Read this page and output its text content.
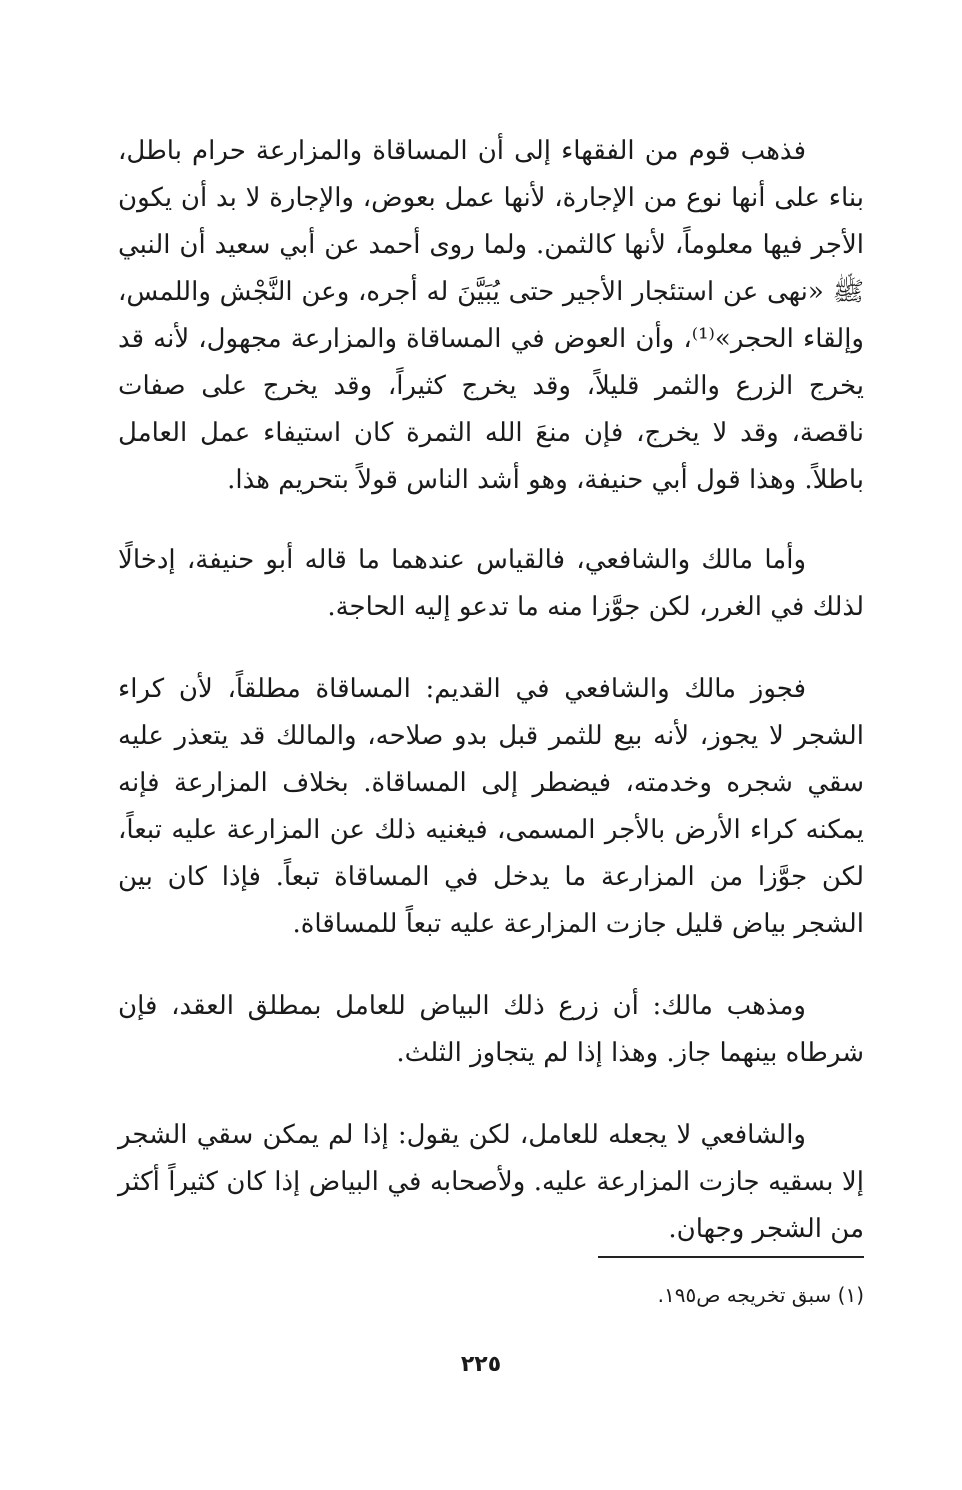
فذهب قوم من الفقهاء إلى أن المساقاة والمزارعة حرام باطل، بناء على أنها نوع من الإجارة، لأنها عمل بعوض، والإجارة لا بد أن يكون الأجر فيها معلوماً، لأنها كالثمن. ولما روى أحمد عن أبي سعيد أن النبي ﷺ «نهى عن استئجار الأجير حتى يُبَيَّنَ له أجره، وعن النَّجْش واللمس، وإلقاء الحجر»⁽¹⁾، وأن العوض في المساقاة والمزارعة مجهول، لأنه قد يخرج الزرع والثمر قليلاً، وقد يخرج كثيراً، وقد يخرج على صفات ناقصة، وقد لا يخرج، فإن منعَ الله الثمرة كان استيفاء عمل العامل باطلاً. وهذا قول أبي حنيفة، وهو أشد الناس قولاً بتحريم هذا.

وأما مالك والشافعي، فالقياس عندهما ما قاله أبو حنيفة، إدخالًا لذلك في الغرر، لكن جوَّزا منه ما تدعو إليه الحاجة.

فجوز مالك والشافعي في القديم: المساقاة مطلقاً، لأن كراء الشجر لا يجوز، لأنه بيع للثمر قبل بدو صلاحه، والمالك قد يتعذر عليه سقي شجره وخدمته، فيضطر إلى المساقاة. بخلاف المزارعة فإنه يمكنه كراء الأرض بالأجر المسمى، فيغنيه ذلك عن المزارعة عليه تبعاً، لكن جوَّزا من المزارعة ما يدخل في المساقاة تبعاً. فإذا كان بين الشجر بياض قليل جازت المزارعة عليه تبعاً للمساقاة.

ومذهب مالك: أن زرع ذلك البياض للعامل بمطلق العقد، فإن شرطاه بينهما جاز. وهذا إذا لم يتجاوز الثلث.

والشافعي لا يجعله للعامل، لكن يقول: إذا لم يمكن سقي الشجر إلا بسقيه جازت المزارعة عليه. ولأصحابه في البياض إذا كان كثيراً أكثر من الشجر وجهان.

(١) سبق تخريجه ص١٩٥.
٢٢٥
